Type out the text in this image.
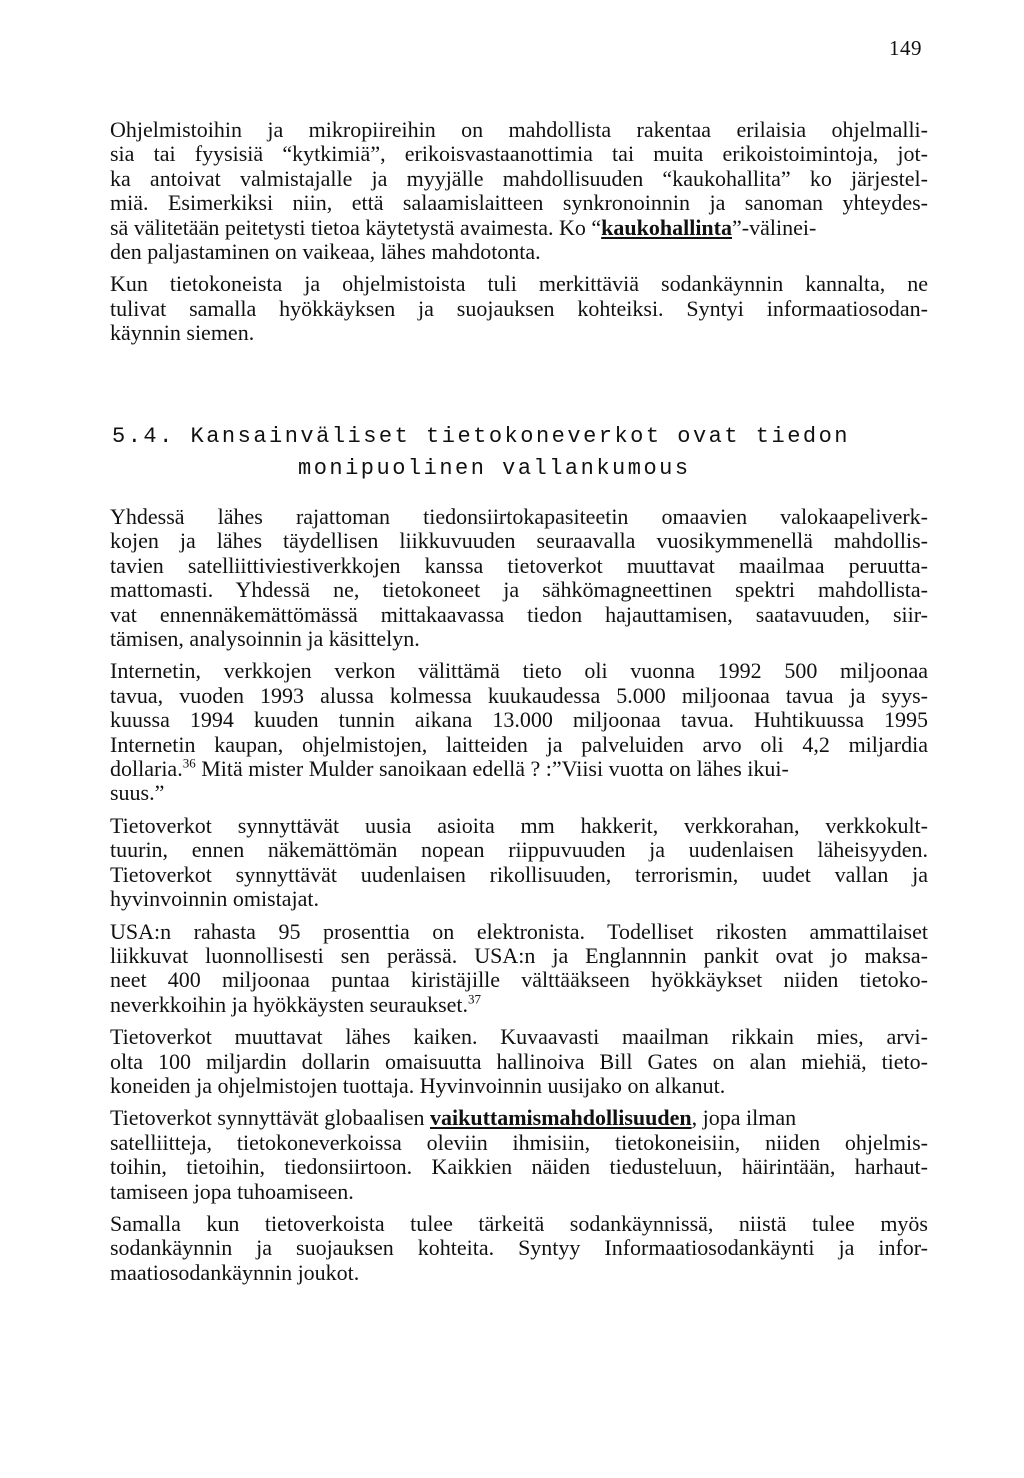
149
Ohjelmistoihin ja mikropiireihin on mahdollista rakentaa erilaisia ohjelmalli-
sia tai fyysisiä “kytkimiä”, erikoisvastaanottimia tai muita erikoistoimintoja, jot-
ka antoivat valmistajalle ja myyjälle mahdollisuuden “kaukohallita” ko järjestel-
miä. Esimerkiksi niin, että salaamislaitteen synkronoinnin ja sanoman yhteydes-
sä välitetään peitetysti tietoa käytetystä avaimesta. Ko “kaukohallinta”-välinei-
den paljastaminen on vaikeaa, lähes mahdotonta.
Kun tietokoneista ja ohjelmistoista tuli merkittäviä sodankäynnin kannalta, ne
tulivat samalla hyökkäyksen ja suojauksen kohteiksi. Syntyi informaatiosodan-
käynnin siemen.
5.4. Kansainväliset tietokoneverkot ovat tiedon
monipuolinen vallankumous
Yhdessä lähes rajattoman tiedonsiirtokapasiteetin omaavien valokaapeliverk-
kojen ja lähes täydellisen liikkuvuuden seuraavalla vuosikymmenellä mahdollis-
tavien satelliittiviestiverkkojen kanssa tietoverkot muuttavat maailmaa peruutta-
mattomasti. Yhdessä ne, tietokoneet ja sähkömagneettinen spektri mahdollista-
vat ennennäkemättömässä mittakaavassa tiedon hajauttamisen, saatavuuden, siir-
tämisen, analysoinnin ja käsittelyn.
Internetin, verkkojen verkon välittämä tieto oli vuonna 1992 500 miljoonaa
tavua, vuoden 1993 alussa kolmessa kuukaudessa 5.000 miljoonaa tavua ja syys-
kuussa 1994 kuuden tunnin aikana 13.000 miljoonaa tavua. Huhtikuussa 1995
Internetin kaupan, ohjelmistojen, laitteiden ja palveluiden arvo oli 4,2 miljardia
dollaria.$^{36}$ Mitä mister Mulder sanoikaan edellä ? :”Viisi vuotta on lähes ikui-
suus.”
Tietoverkot synnyttävät uusia asioita mm hakkerit, verkkorahan, verkkokult-
tuurin, ennen näkemättömän nopean riippuvuuden ja uudenlaisen läheisyyden.
Tietoverkot synnyttävät uudenlaisen rikollisuuden, terrorismin, uudet vallan ja
hyvinvoinnin omistajat.
USA:n rahasta 95 prosenttia on elektronista. Todelliset rikosten ammattilaiset
liikkuvat luonnollisesti sen perässä. USA:n ja Englannnin pankit ovat jo maksa-
neet 400 miljoonaa puntaa kiristäjille välttääkseen hyökkäykset niiden tietoko-
neverkkoihin ja hyökkäysten seuraukset.$^{37}$
Tietoverkot muuttavat lähes kaiken. Kuvaavasti maailman rikkain mies, arvi-
olta 100 miljardin dollarin omaisuutta hallinoiva Bill Gates on alan miehiä, tieto-
koneiden ja ohjelmistojen tuottaja. Hyvinvoinnin uusijako on alkanut.
Tietoverkot synnyttävät globaalisen vaikuttamismahdollisuuden, jopa ilman
satelliitteja, tietokoneverkoissa oleviin ihmisiin, tietokoneisiin, niiden ohjelmis-
toihin, tietoihin, tiedonsiirtoon. Kaikkien näiden tiedusteluun, häirintään, harhaut-
tamiseen jopa tuhoamiseen.
Samalla kun tietoverkoista tulee tärkeitä sodankäynnissä, niistä tulee myös
sodankäynnin ja suojauksen kohteita. Syntyy Informaatiosodankäynti ja infor-
maatiosodankäynnin joukot.
